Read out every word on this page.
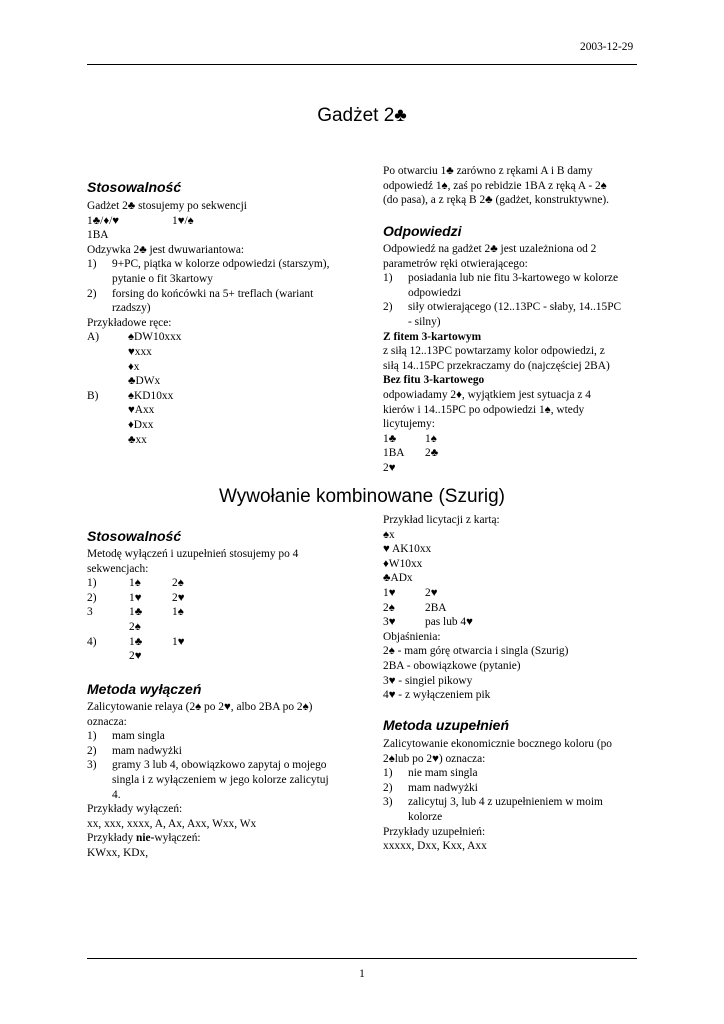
2003-12-29
Gadżet 2♣
Stosowalność
Gadżet 2♣ stosujemy po sekwencji
1♣/♦/♥	1♥/♠
1BA
Odzywka 2♣ jest dwuwariantowa:
1) 9+PC, piątka w kolorze odpowiedzi (starszym),
pytanie o fit 3kartowy
2) forsing do końcówki na 5+ treflach (wariant
rzadszy)
Przykładowe ręce:
A)	♠DW10xxx
♥xxx
♦x
♣DWx
B)	♠KD10xx
♥Axx
♦Dxx
♣xx
Po otwarciu 1♣ zarówno z rękami A i B damy
odpowiedź 1♠, zaś po rebidzie 1BA z ręką A - 2♠
(do pasa), a z ręką B 2♣ (gadżet, konstruktywne).
Odpowiedzi
Odpowiedź na gadżet 2♣ jest uzależniona od 2
parametrów ręki otwierającego:
1) posiadania lub nie fitu 3-kartowego w kolorze
odpowiedzi
2) siły otwierającego (12..13PC - słaby, 14..15PC
- silny)
Z fitem 3-kartowym
z siłą 12..13PC powtarzamy kolor odpowiedzi, z
siłą 14..15PC przekraczamy do (najczęściej 2BA)
Bez fitu 3-kartowego
odpowiadamy 2♦, wyjątkiem jest sytuacja z 4
kierów i 14..15PC po odpowiedzi 1♠, wtedy
licytujemy:
1♣	1♠
1BA 2♣
2♥
Wywołanie kombinowane (Szurig)
Stosowalność
Metodę wyłączeń i uzupełnień stosujemy po 4
sekwencjach:
1)	1♠	2♠
2)	1♥	2♥
3	1♣	1♠
2♠
4)	1♣	1♥
2♥
Metoda wyłączeń
Zalicytowanie relaya (2♠ po 2♥, albo 2BA po 2♠)
oznacza:
1) mam singla
2) mam nadwyżki
3) gramy 3 lub 4, obowiązkowo zapytaj o mojego
singla i z wyłączeniem w jego kolorze zalicytuj
4.
Przykłady wyłączeń:
xx, xxx, xxxx, A, Ax, Axx, Wxx, Wx
Przykłady nie-wyłączeń:
KWxx, KDx,
Przykład licytacji z kartą:
♠x
♥ AK10xx
♦W10xx
♣ADx
1♥	2♥
2♠	2BA
3♥	pas lub 4♥
Objaśnienia:
2♠ - mam górę otwarcia i singla (Szurig)
2BA - obowiązkowe (pytanie)
3♥ - singiel pikowy
4♥ - z wyłączeniem pik
Metoda uzupełnień
Zalicytowanie ekonomicznie bocznego koloru (po
2♠lub po 2♥) oznacza:
1) nie mam singla
2) mam nadwyżki
3) zalicytuj 3, lub 4 z uzupełnieniem w moim
kolorze
Przykłady uzupełnień:
xxxxx, Dxx, Kxx, Axx
1
